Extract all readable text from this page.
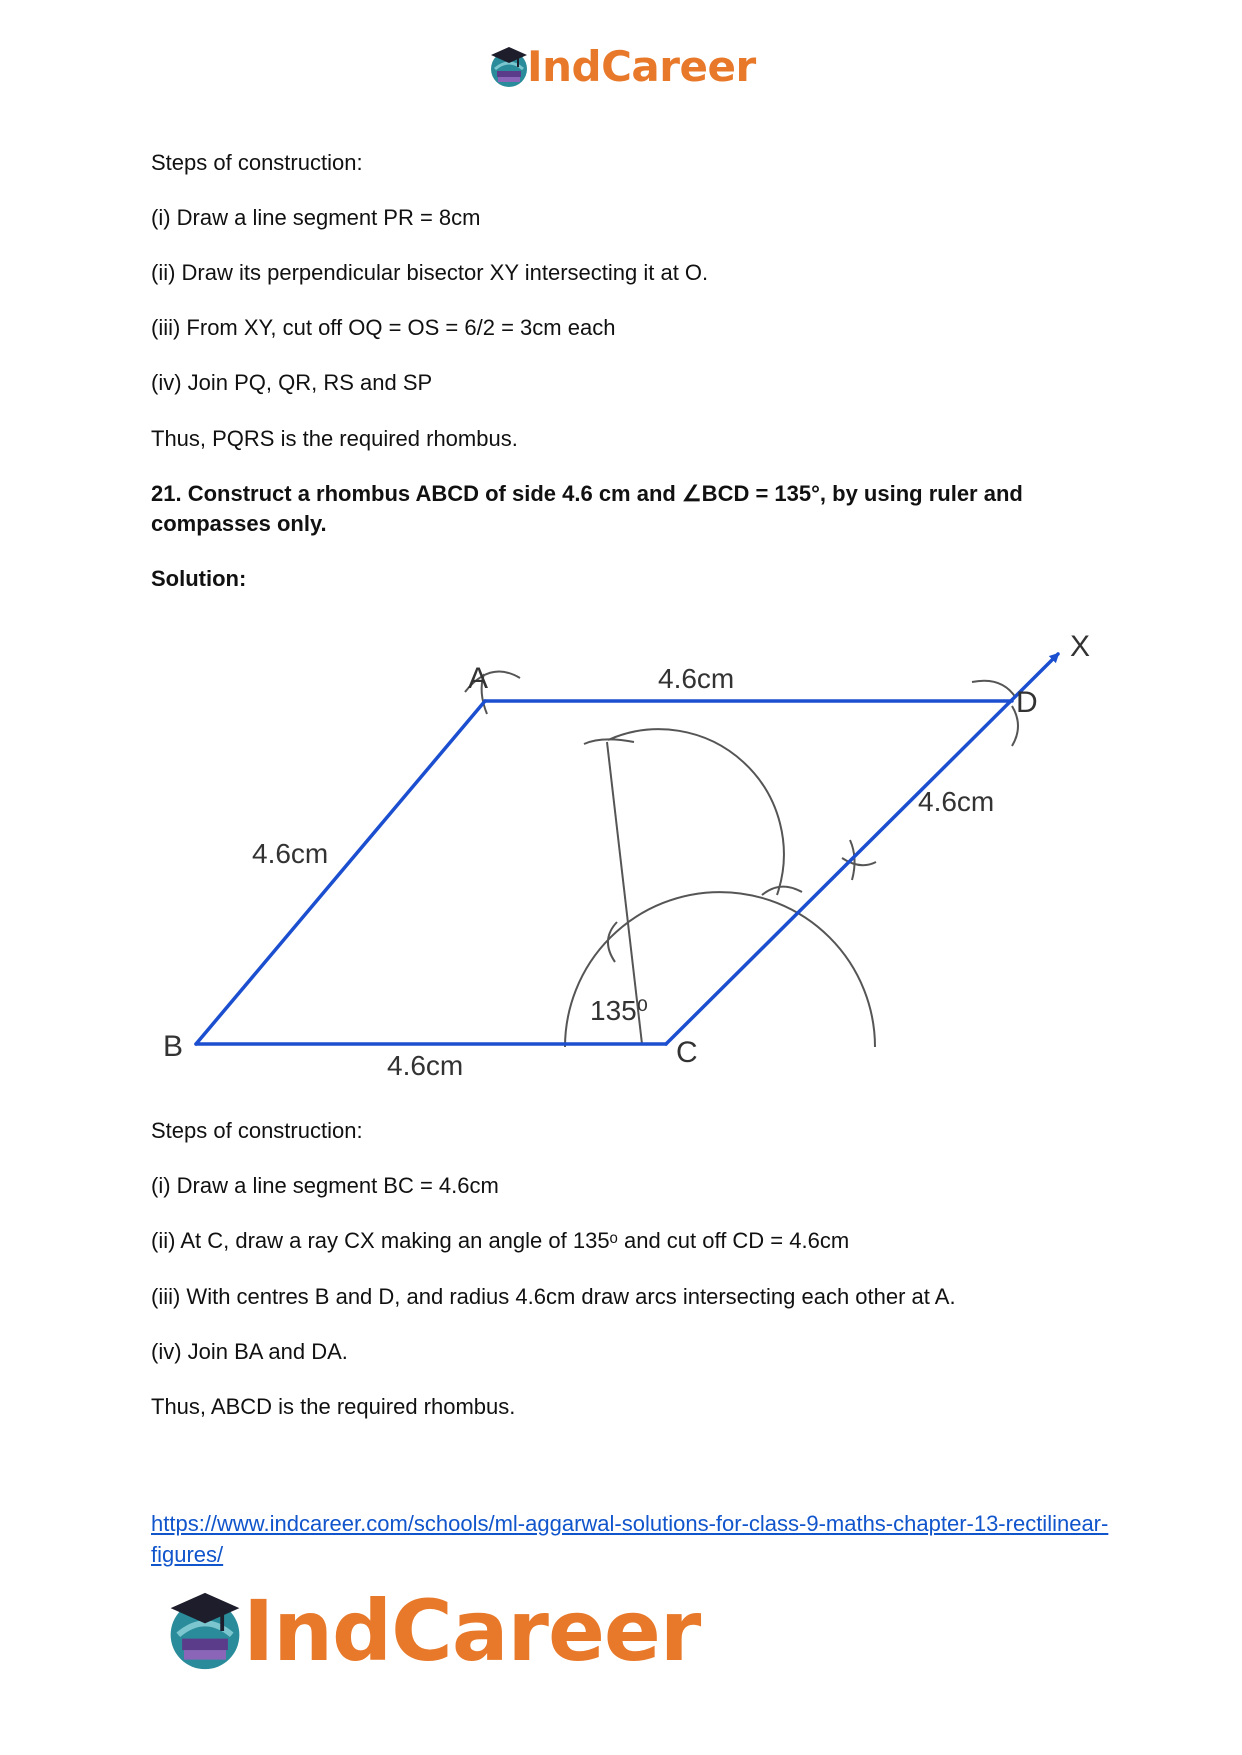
IndCareer
Steps of construction:
(i) Draw a line segment PR = 8cm
(ii) Draw its perpendicular bisector XY intersecting it at O.
(iii) From XY, cut off OQ = OS = 6/2 = 3cm each
(iv) Join PQ, QR, RS and SP
Thus, PQRS is the required rhombus.
21. Construct a rhombus ABCD of side 4.6 cm and ∠BCD = 135°, by using ruler and
compasses only.
Solution:
A
B	C
D
X
4.6cm
4.6cm
4.6cm
4.6cm
135⁰
Steps of construction:
(i) Draw a line segment BC = 4.6cm
(ii) At C, draw a ray CX making an angle of 135ᵒ and cut off CD = 4.6cm
(iii) With centres B and D, and radius 4.6cm draw arcs intersecting each other at A.
(iv) Join BA and DA.
Thus, ABCD is the required rhombus.
https://www.indcareer.com/schools/ml-aggarwal-solutions-for-class-9-maths-chapter-13-rectilinear-figures/
IndCareer
